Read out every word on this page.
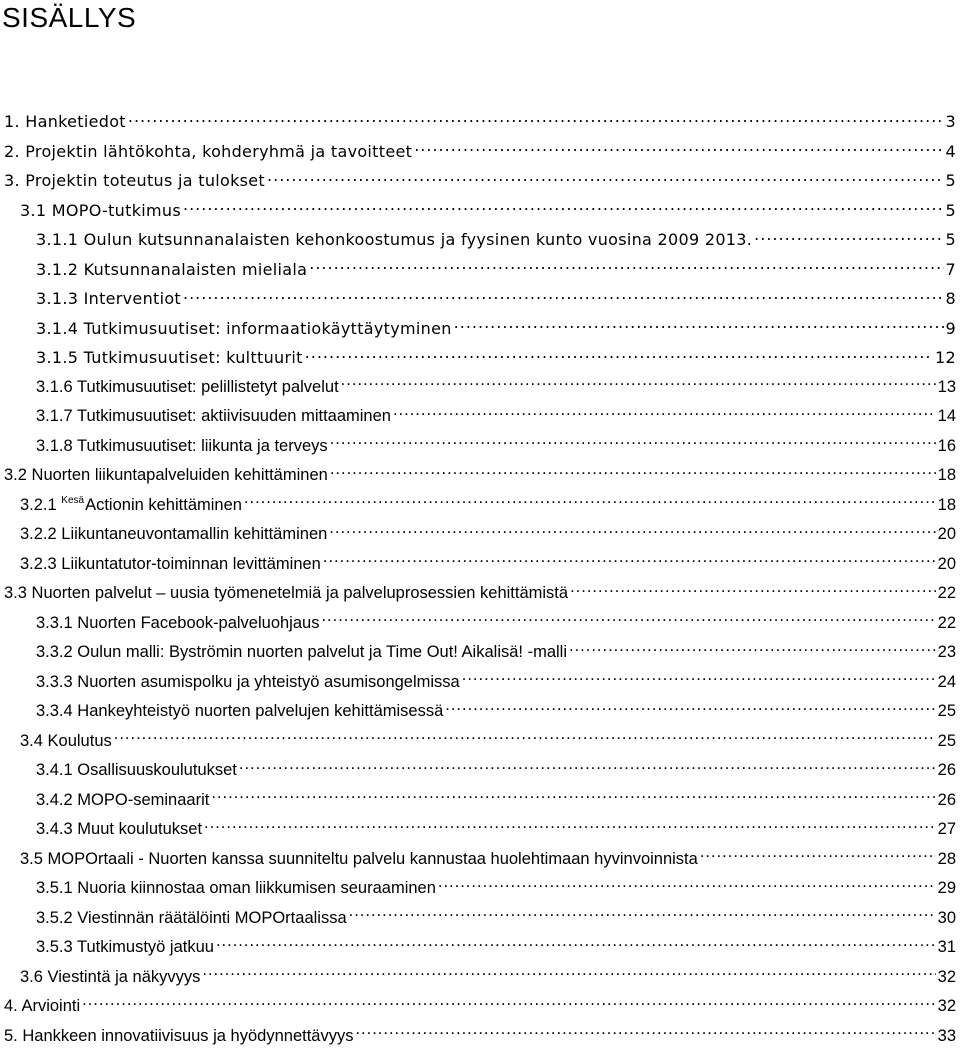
SISÄLLYS
1. Hanketiedot .....	3
2. Projektin lähtökohta, kohderyhmä ja tavoitteet .....	4
3. Projektin toteutus ja tulokset .....	5
3.1 MOPO-tutkimus .....	5
3.1.1 Oulun kutsunnanalaisten kehonkoostumus ja fyysinen kunto vuosina 2009 2013. .....	5
3.1.2 Kutsunnanalaisten mieliala .....	7
3.1.3 Interventiot .....	8
3.1.4 Tutkimusuutiset: informaatiokäyttäytyminen .....	9
3.1.5 Tutkimusuutiset: kulttuurit .....	12
3.1.6 Tutkimusuutiset: pelillistetyt palvelut .....	13
3.1.7 Tutkimusuutiset: aktiivisuuden mittaaminen .....	14
3.1.8 Tutkimusuutiset: liikunta ja terveys .....	16
3.2 Nuorten liikuntapalveluiden kehittäminen .....	18
3.2.1 $^{Kesä}$Actionin kehittäminen .....	18
3.2.2 Liikuntaneuvontamallin kehittäminen .....	20
3.2.3 Liikuntatutor-toiminnan levittäminen .....	20
3.3 Nuorten palvelut – uusia työmenetelmiä ja palveluprosessien kehittämistä .....	22
3.3.1 Nuorten Facebook-palveluohjaus .....	22
3.3.2 Oulun malli: Byströmin nuorten palvelut ja Time Out! Aikalisä! -malli .....	23
3.3.3 Nuorten asumispolku ja yhteistyö asumisongelmissa .....	24
3.3.4 Hankeyhteistyö nuorten palvelujen kehittämisessä .....	25
3.4 Koulutus .....	25
3.4.1 Osallisuuskoulutukset .....	26
3.4.2 MOPO-seminaarit .....	26
3.4.3 Muut koulutukset .....	27
3.5 MOPOrtaali - Nuorten kanssa suunniteltu palvelu kannustaa huolehtimaan hyvinvoinnista .....	28
3.5.1 Nuoria kiinnostaa oman liikkumisen seuraaminen .....	29
3.5.2 Viestinnän räätälöinti MOPOrtaalissa .....	30
3.5.3 Tutkimustyö jatkuu .....	31
3.6 Viestintä ja näkyvyys .....	32
4. Arviointi .....	32
5. Hankkeen innovatiivisuus ja hyödynnettävyys .....	33
